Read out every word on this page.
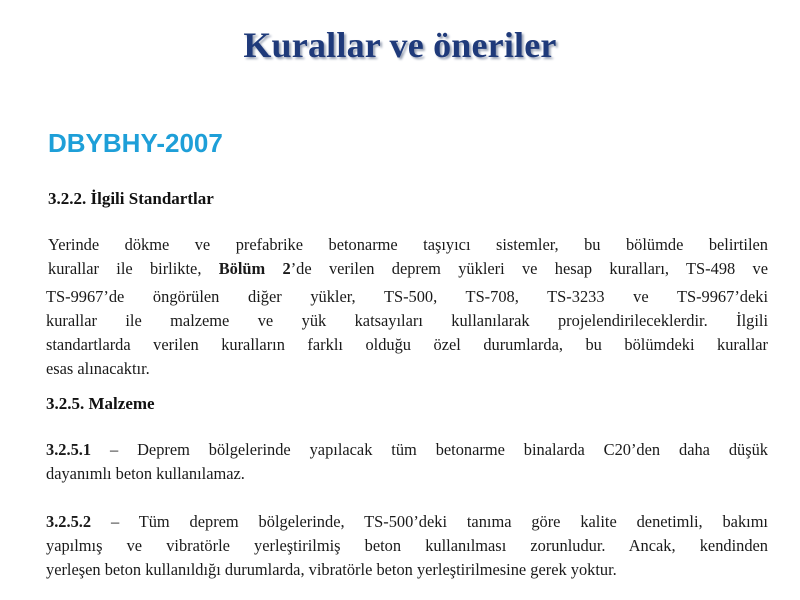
Kurallar ve öneriler
DBYBHY-2007
3.2.2. İlgili Standartlar
Yerinde dökme ve prefabrike betonarme taşıyıcı sistemler, bu bölümde belirtilen
kurallar ile birlikte, Bölüm 2’de verilen deprem yükleri ve hesap kuralları, TS-498 ve
TS-9967’de öngörülen diğer yükler, TS-500, TS-708, TS-3233 ve TS-9967’deki
kurallar ile malzeme ve yük katsayıları kullanılarak projelendirileceklerdir. İlgili
standartlarda verilen kuralların farklı olduğu özel durumlarda, bu bölümdeki kurallar
esas alınacaktır.
3.2.5. Malzeme
3.2.5.1 – Deprem bölgelerinde yapılacak tüm betonarme binalarda C20’den daha düşük
dayanımlı beton kullanılamaz.
3.2.5.2 – Tüm deprem bölgelerinde, TS-500’deki tanıma göre kalite denetimli, bakımı
yapılmış ve vibratörle yerleştirilmiş beton kullanılması zorunludur. Ancak, kendinden
yerleşen beton kullanıldığı durumlarda, vibratörle beton yerleştirilmesine gerek yoktur.
